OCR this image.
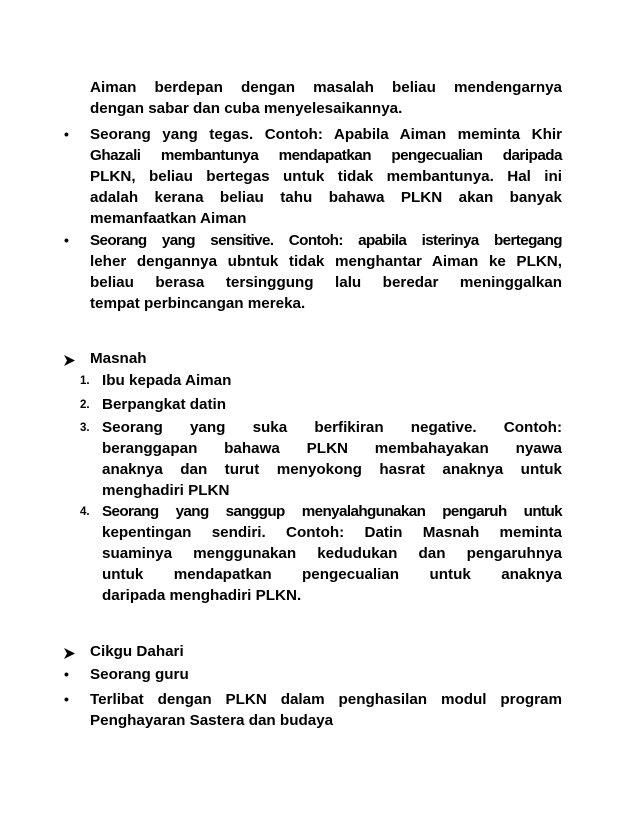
Aiman berdepan dengan masalah beliau mendengarnya
dengan sabar dan cuba menyelesaikannya.
• Seorang yang tegas. Contoh: Apabila Aiman meminta Khir
Ghazali membantunya mendapatkan pengecualian daripada
PLKN, beliau bertegas untuk tidak membantunya. Hal ini
adalah kerana beliau tahu bahawa PLKN akan banyak
memanfaatkan Aiman
• Seorang yang sensitive. Contoh: apabila isterinya bertegang
leher dengannya ubntuk tidak menghantar Aiman ke PLKN,
beliau berasa tersinggung lalu beredar meninggalkan
tempat perbincangan mereka.
Masnah
1. Ibu kepada Aiman
2. Berpangkat datin
3. Seorang yang suka berfikiran negative. Contoh:
beranggapan bahawa PLKN membahayakan nyawa
anaknya dan turut menyokong hasrat anaknya untuk
menghadiri PLKN
4. Seorang yang sanggup menyalahgunakan pengaruh untuk
kepentingan sendiri. Contoh: Datin Masnah meminta
suaminya menggunakan kedudukan dan pengaruhnya
untuk mendapatkan pengecualian untuk anaknya
daripada menghadiri PLKN.
Cikgu Dahari
• Seorang guru
• Terlibat dengan PLKN dalam penghasilan modul program
Penghayaran Sastera dan budaya
